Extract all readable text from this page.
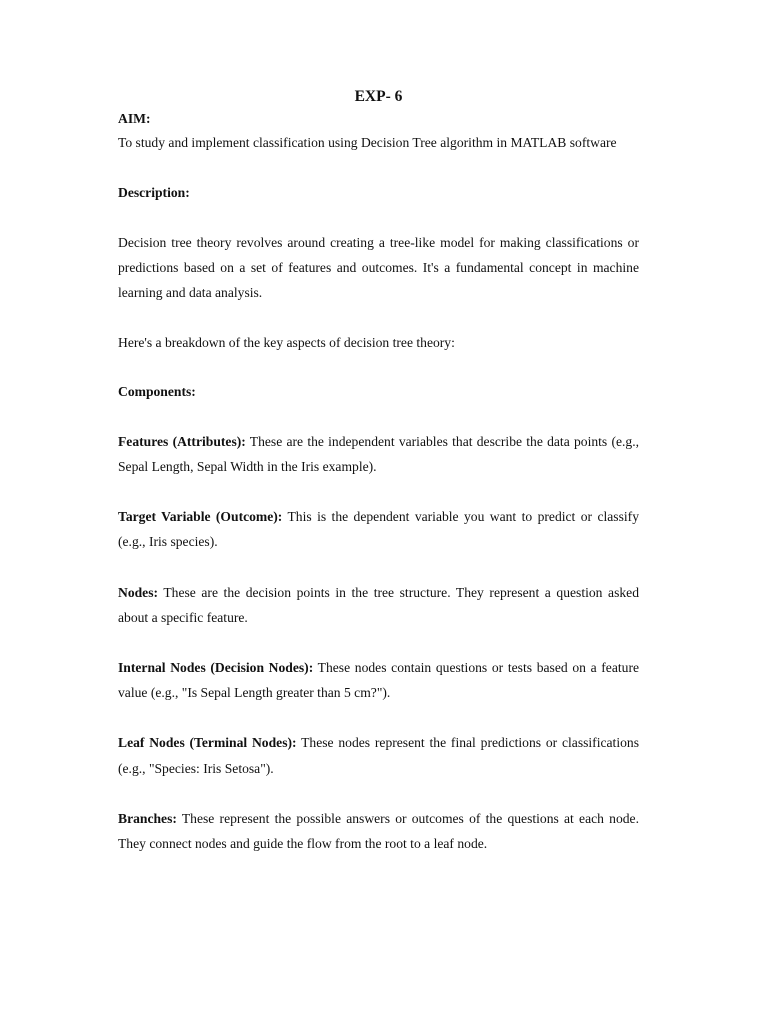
EXP- 6

AIM:

To study and implement classification using Decision Tree algorithm in MATLAB software

Description:

Decision tree theory revolves around creating a tree-like model for making classifications or predictions based on a set of features and outcomes. It's a fundamental concept in machine learning and data analysis.

Here's a breakdown of the key aspects of decision tree theory:

Components:

Features (Attributes): These are the independent variables that describe the data points (e.g., Sepal Length, Sepal Width in the Iris example).

Target Variable (Outcome): This is the dependent variable you want to predict or classify (e.g., Iris species).

Nodes: These are the decision points in the tree structure. They represent a question asked about a specific feature.

Internal Nodes (Decision Nodes): These nodes contain questions or tests based on a feature value (e.g., "Is Sepal Length greater than 5 cm?").

Leaf Nodes (Terminal Nodes): These nodes represent the final predictions or classifications (e.g., "Species: Iris Setosa").

Branches: These represent the possible answers or outcomes of the questions at each node. They connect nodes and guide the flow from the root to a leaf node.
